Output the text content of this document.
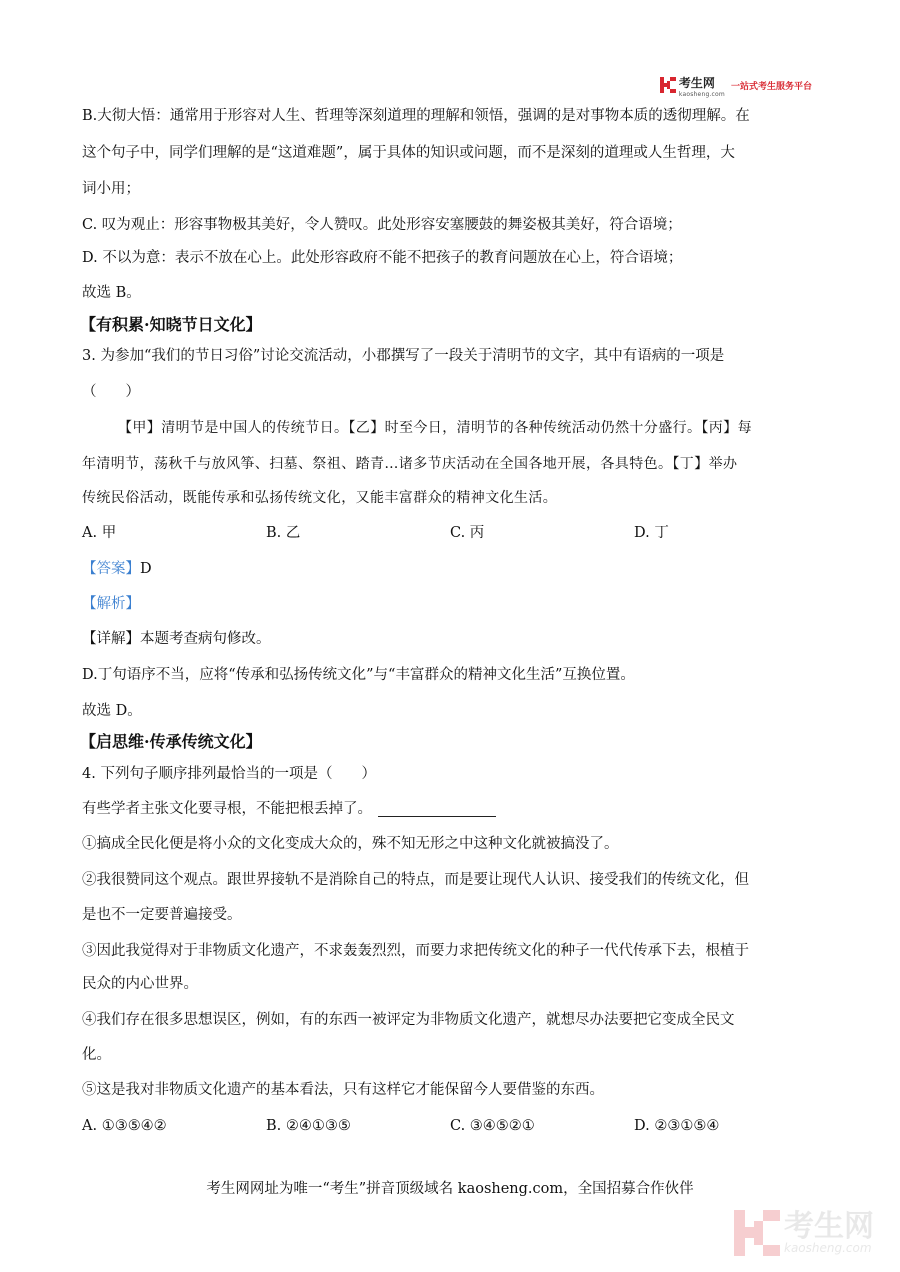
考生网
kaosheng.com
一站式考生服务平台
B.大彻大悟：通常用于形容对人生、哲理等深刻道理的理解和领悟，强调的是对事物本质的透彻理解。在
这个句子中，同学们理解的是“这道难题”，属于具体的知识或问题，而不是深刻的道理或人生哲理，大
词小用；
C. 叹为观止：形容事物极其美好，令人赞叹。此处形容安塞腰鼓的舞姿极其美好，符合语境；
D. 不以为意：表示不放在心上。此处形容政府不能不把孩子的教育问题放在心上，符合语境；
故选 B。
【有积累·知晓节日文化】
3. 为参加“我们的节日习俗”讨论交流活动，小郡撰写了一段关于清明节的文字，其中有语病的一项是
（　　）
【甲】清明节是中国人的传统节日。【乙】时至今日，清明节的各种传统活动仍然十分盛行。【丙】每
年清明节，荡秋千与放风筝、扫墓、祭祖、踏青…诸多节庆活动在全国各地开展，各具特色。【丁】举办
传统民俗活动，既能传承和弘扬传统文化，又能丰富群众的精神文化生活。
A. 甲	B. 乙	C. 丙	D. 丁
【答案】D
【解析】
【详解】本题考查病句修改。
D.丁句语序不当，应将“传承和弘扬传统文化”与“丰富群众的精神文化生活”互换位置。
故选 D。
【启思维·传承传统文化】
4. 下列句子顺序排列最恰当的一项是（　　）
有些学者主张文化要寻根，不能把根丢掉了。
①搞成全民化便是将小众的文化变成大众的，殊不知无形之中这种文化就被搞没了。
②我很赞同这个观点。跟世界接轨不是消除自己的特点，而是要让现代人认识、接受我们的传统文化，但
是也不一定要普遍接受。
③因此我觉得对于非物质文化遗产，不求轰轰烈烈，而要力求把传统文化的种子一代代传承下去，根植于
民众的内心世界。
④我们存在很多思想误区，例如，有的东西一被评定为非物质文化遗产，就想尽办法要把它变成全民文
化。
⑤这是我对非物质文化遗产的基本看法，只有这样它才能保留今人要借鉴的东西。
A. ①③⑤④②	B. ②④①③⑤	C. ③④⑤②①	D. ②③①⑤④
考生网网址为唯一“考生”拼音顶级域名 kaosheng.com，全国招募合作伙伴
考生网
kaosheng.com
